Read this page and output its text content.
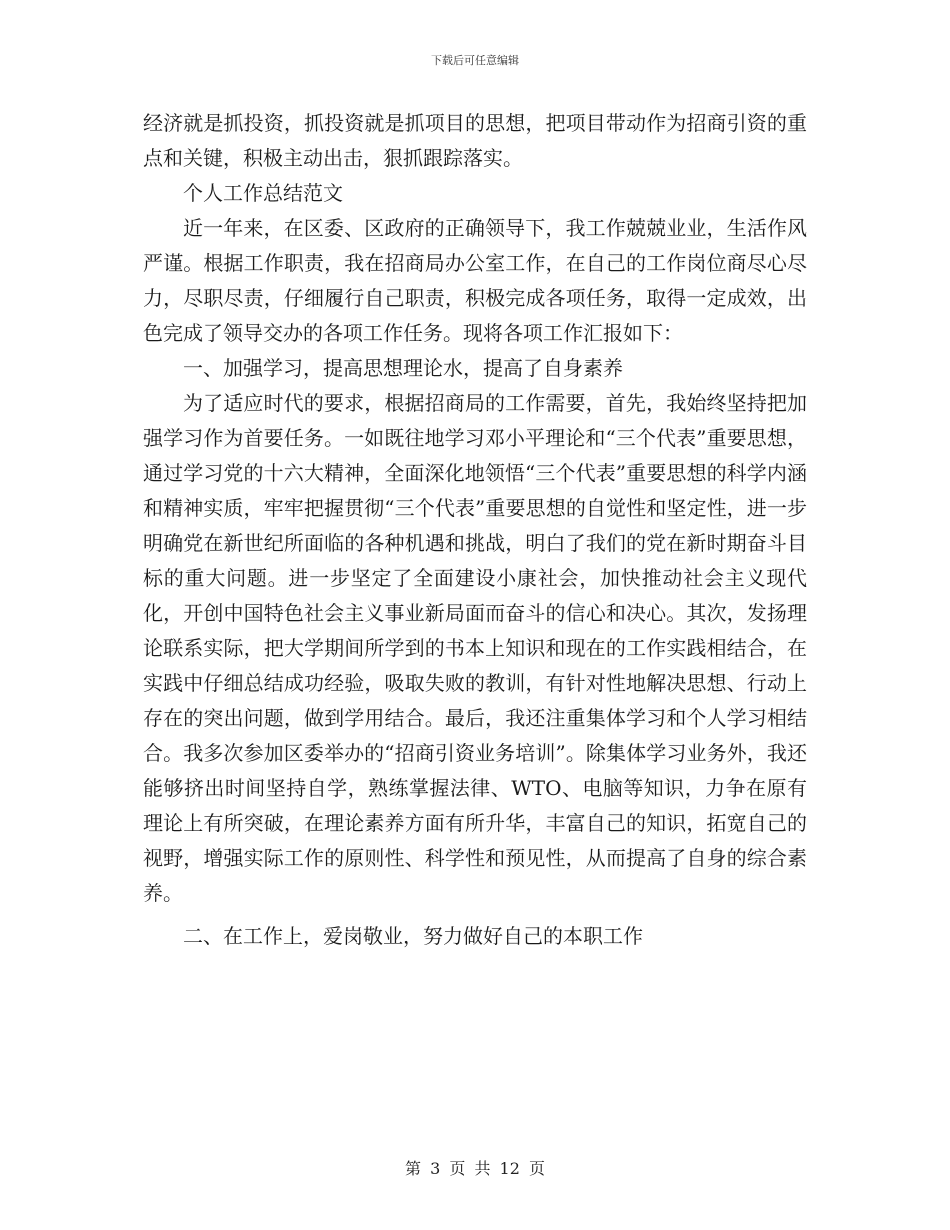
下载后可任意编辑

经济就是抓投资，抓投资就是抓项目的思想，把项目带动作为招商引资的重点和关键，积极主动出击，狠抓跟踪落实。

个人工作总结范文

近一年来，在区委、区政府的正确领导下，我工作兢兢业业，生活作风严谨。根据工作职责，我在招商局办公室工作，在自己的工作岗位商尽心尽力，尽职尽责，仔细履行自己职责，积极完成各项任务，取得一定成效，出色完成了领导交办的各项工作任务。现将各项工作汇报如下：

一、加强学习，提高思想理论水，提高了自身素养

为了适应时代的要求，根据招商局的工作需要，首先，我始终坚持把加强学习作为首要任务。一如既往地学习邓小平理论和“三个代表”重要思想，通过学习党的十六大精神，全面深化地领悟“三个代表”重要思想的科学内涵和精神实质，牢牢把握贯彻“三个代表”重要思想的自觉性和坚定性，进一步明确党在新世纪所面临的各种机遇和挑战，明白了我们的党在新时期奋斗目标的重大问题。进一步坚定了全面建设小康社会，加快推动社会主义现代化，开创中国特色社会主义事业新局面而奋斗的信心和决心。其次，发扬理论联系实际，把大学期间所学到的书本上知识和现在的工作实践相结合，在实践中仔细总结成功经验，吸取失败的教训，有针对性地解决思想、行动上存在的突出问题，做到学用结合。最后，我还注重集体学习和个人学习相结合。我多次参加区委举办的“招商引资业务培训”。除集体学习业务外，我还能够挤出时间坚持自学，熟练掌握法律、WTO、电脑等知识，力争在原有理论上有所突破，在理论素养方面有所升华，丰富自己的知识，拓宽自己的视野，增强实际工作的原则性、科学性和预见性，从而提高了自身的综合素养。

二、在工作上，爱岗敬业，努力做好自己的本职工作

第 3 页 共 12 页
